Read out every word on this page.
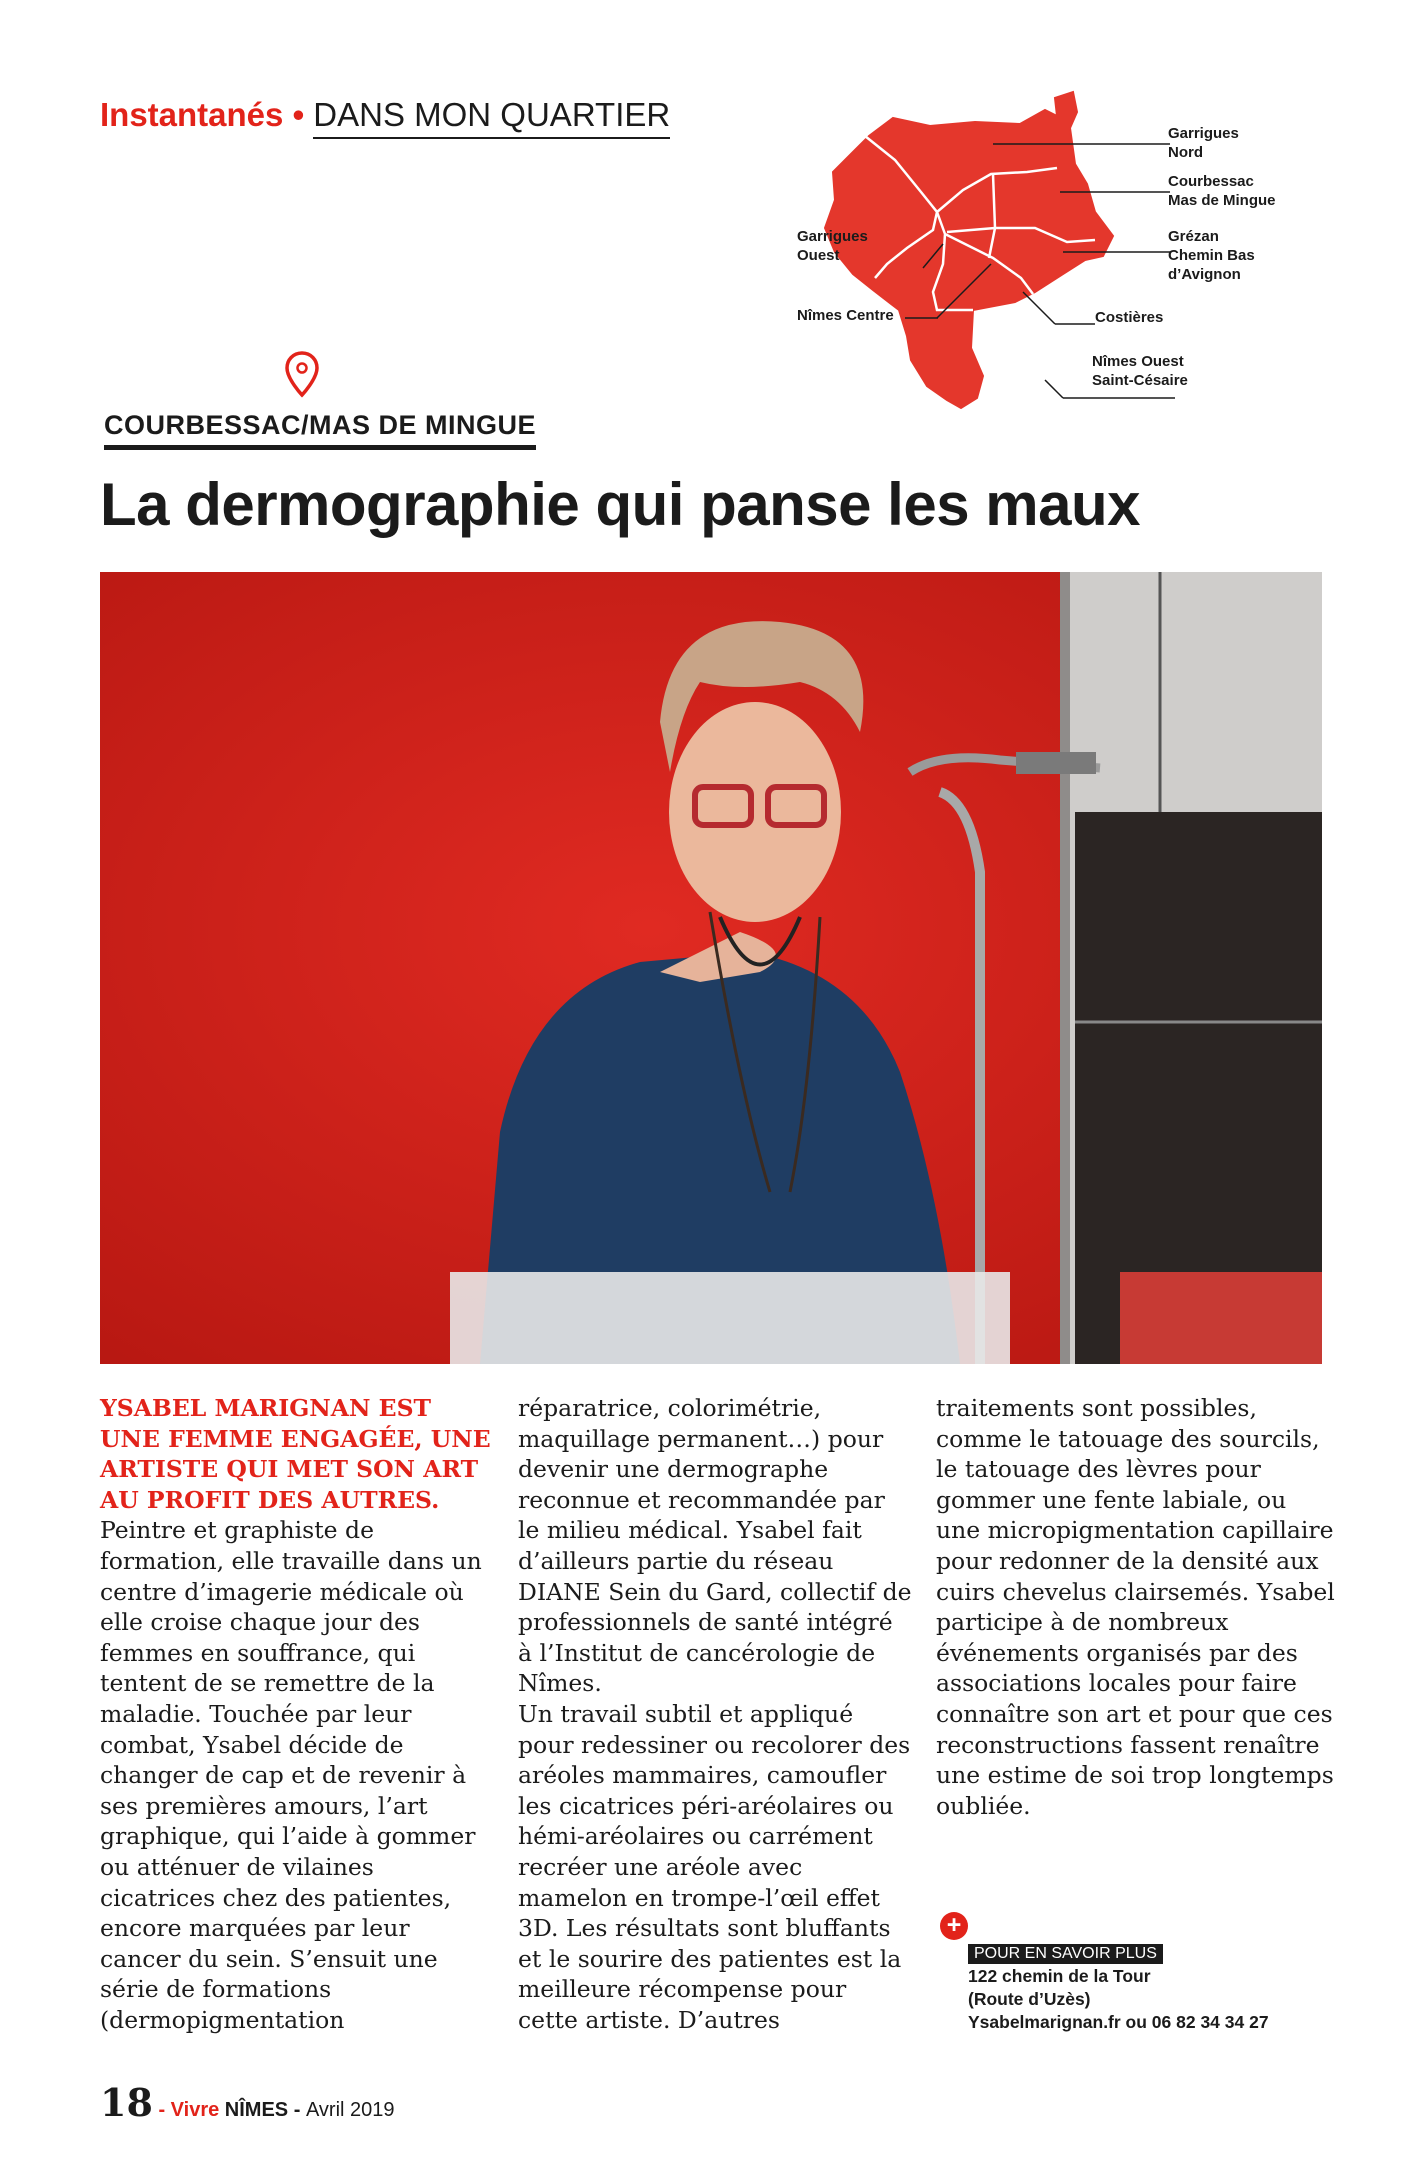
Instantanés • DANS MON QUARTIER
Garrigues
Nord
Courbessac
Mas de Mingue
Grézan
Chemin Bas
d’Avignon
Garrigues
Ouest
Nîmes Centre	Costières
Nîmes Ouest
Saint-Césaire
COURBESSAC/MAS DE MINGUE
La dermographie qui panse les maux

YSABEL MARIGNAN EST UNE FEMME ENGAGÉE, UNE ARTISTE QUI MET SON ART AU PROFIT DES AUTRES.

Peintre et graphiste de formation, elle travaille dans un centre d’imagerie médicale où elle croise chaque jour des femmes en souffrance, qui tentent de se remettre de la maladie. Touchée par leur combat, Ysabel décide de changer de cap et de revenir à ses premières amours, l’art graphique, qui l’aide à gommer ou atténuer de vilaines cicatrices chez des patientes, encore marquées par leur cancer du sein. S’ensuit une série de formations (dermopigmentation

réparatrice, colorimétrie, maquillage permanent…) pour devenir une dermographe reconnue et recommandée par le milieu médical. Ysabel fait d’ailleurs partie du réseau DIANE Sein du Gard, collectif de professionnels de santé intégré à l’Institut de cancérologie de Nîmes.

Un travail subtil et appliqué pour redessiner ou recolorer des aréoles mammaires, camoufler les cicatrices péri-aréolaires ou hémi-aréolaires ou carrément recréer une aréole avec mamelon en trompe-l’œil effet 3D. Les résultats sont bluffants et le sourire des patientes est la meilleure récompense pour cette artiste. D’autres

traitements sont possibles, comme le tatouage des sourcils, le tatouage des lèvres pour gommer une fente labiale, ou une micropigmentation capillaire pour redonner de la densité aux cuirs chevelus clairsemés. Ysabel participe à de nombreux événements organisés par des associations locales pour faire connaître son art et pour que ces reconstructions fassent renaître une estime de soi trop longtemps oubliée.

+
POUR EN SAVOIR PLUS
122 chemin de la Tour
(Route d’Uzès)
Ysabelmarignan.fr ou 06 82 34 34 27
18 - Vivre NÎMES - Avril 2019
